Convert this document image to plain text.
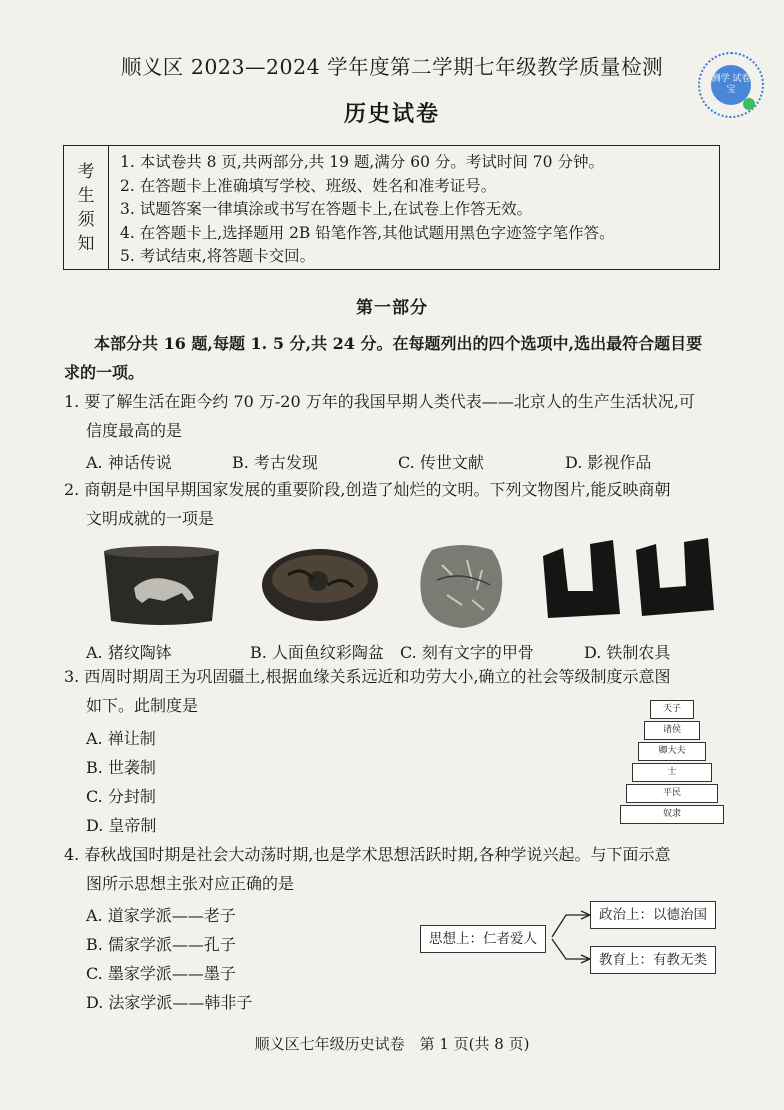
顺义区 2023—2024 学年度第二学期七年级教学质量检测
历史试卷
测学 试卷宝
考
生
须
知
1. 本试卷共 8 页,共两部分,共 19 题,满分 60 分。考试时间 70 分钟。
2. 在答题卡上准确填写学校、班级、姓名和准考证号。
3. 试题答案一律填涂或书写在答题卡上,在试卷上作答无效。
4. 在答题卡上,选择题用 2B 铅笔作答,其他试题用黑色字迹签字笔作答。
5. 考试结束,将答题卡交回。
第一部分
本部分共 16 题,每题 1. 5 分,共 24 分。在每题列出的四个选项中,选出最符合题目要
求的一项。
1. 要了解生活在距今约 70 万-20 万年的我国早期人类代表——北京人的生产生活状况,可
信度最高的是
A. 神话传说	B. 考古发现	C. 传世文献	D. 影视作品
2. 商朝是中国早期国家发展的重要阶段,创造了灿烂的文明。下列文物图片,能反映商朝
文明成就的一项是
A. 猪纹陶钵	B. 人面鱼纹彩陶盆 C. 刻有文字的甲骨	D. 铁制农具
3. 西周时期周王为巩固疆土,根据血缘关系远近和功劳大小,确立的社会等级制度示意图
如下。此制度是
A. 禅让制
B. 世袭制
C. 分封制
D. 皇帝制
天子
诸侯
卿大夫
士
平民
奴隶
4. 春秋战国时期是社会大动荡时期,也是学术思想活跃时期,各种学说兴起。与下面示意
图所示思想主张对应正确的是
A. 道家学派——老子
B. 儒家学派——孔子
C. 墨家学派——墨子
D. 法家学派——韩非子
思想上：仁者爱人
政治上：以德治国
教育上：有教无类
顺义区七年级历史试卷　第 1 页(共 8 页)
